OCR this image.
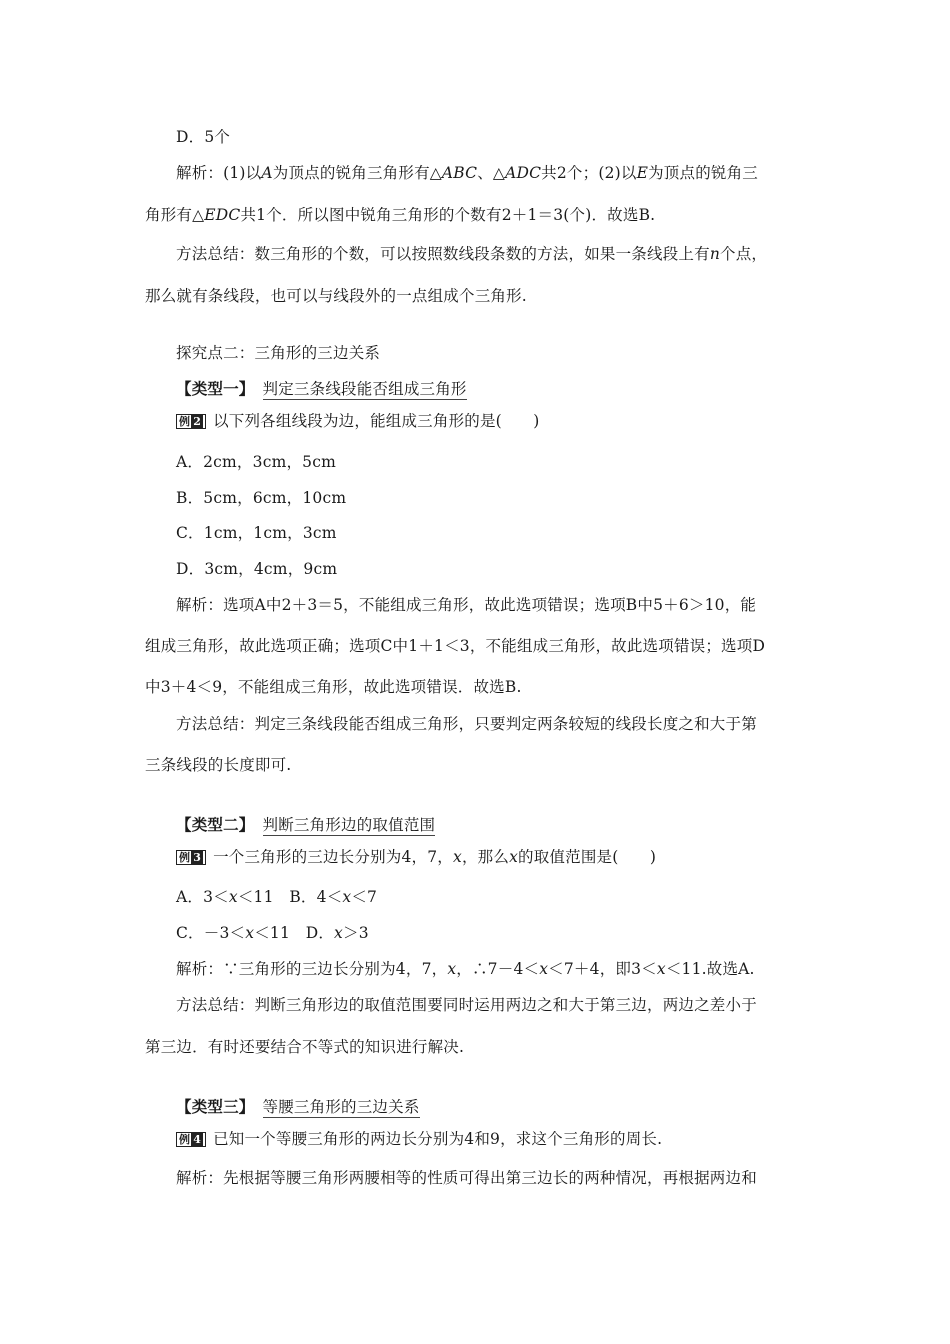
D．5个
解析：(1)以A为顶点的锐角三角形有△ABC、△ADC共2个；(2)以E为顶点的锐角三
角形有△EDC共1个．所以图中锐角三角形的个数有2＋1＝3(个)．故选B.
方法总结：数三角形的个数，可以按照数线段条数的方法，如果一条线段上有n个点，
那么就有条线段，也可以与线段外的一点组成个三角形.
探究点二：三角形的三边关系
【类型一】 判定三条线段能否组成三角形
例 2 以下列各组线段为边，能组成三角形的是(　　)
A．2cm，3cm，5cm
B．5cm，6cm，10cm
C．1cm，1cm，3cm
D．3cm，4cm，9cm
解析：选项A中2＋3＝5，不能组成三角形，故此选项错误；选项B中5＋6＞10，能
组成三角形，故此选项正确；选项C中1＋1＜3，不能组成三角形，故此选项错误；选项D
中3＋4＜9，不能组成三角形，故此选项错误．故选B.
方法总结：判定三条线段能否组成三角形，只要判定两条较短的线段长度之和大于第
三条线段的长度即可.
【类型二】 判断三角形边的取值范围
例 3 一个三角形的三边长分别为4，7，x，那么x的取值范围是(　　)
A．3＜x＜11　B．4＜x＜7
C．－3＜x＜11　D．x＞3
解析：∵三角形的三边长分别为4，7，x，∴7－4＜x＜7＋4，即3＜x＜11.故选A.
方法总结：判断三角形边的取值范围要同时运用两边之和大于第三边，两边之差小于
第三边．有时还要结合不等式的知识进行解决.
【类型三】 等腰三角形的三边关系
例 4 已知一个等腰三角形的两边长分别为4和9，求这个三角形的周长.
解析：先根据等腰三角形两腰相等的性质可得出第三边长的两种情况，再根据两边和
